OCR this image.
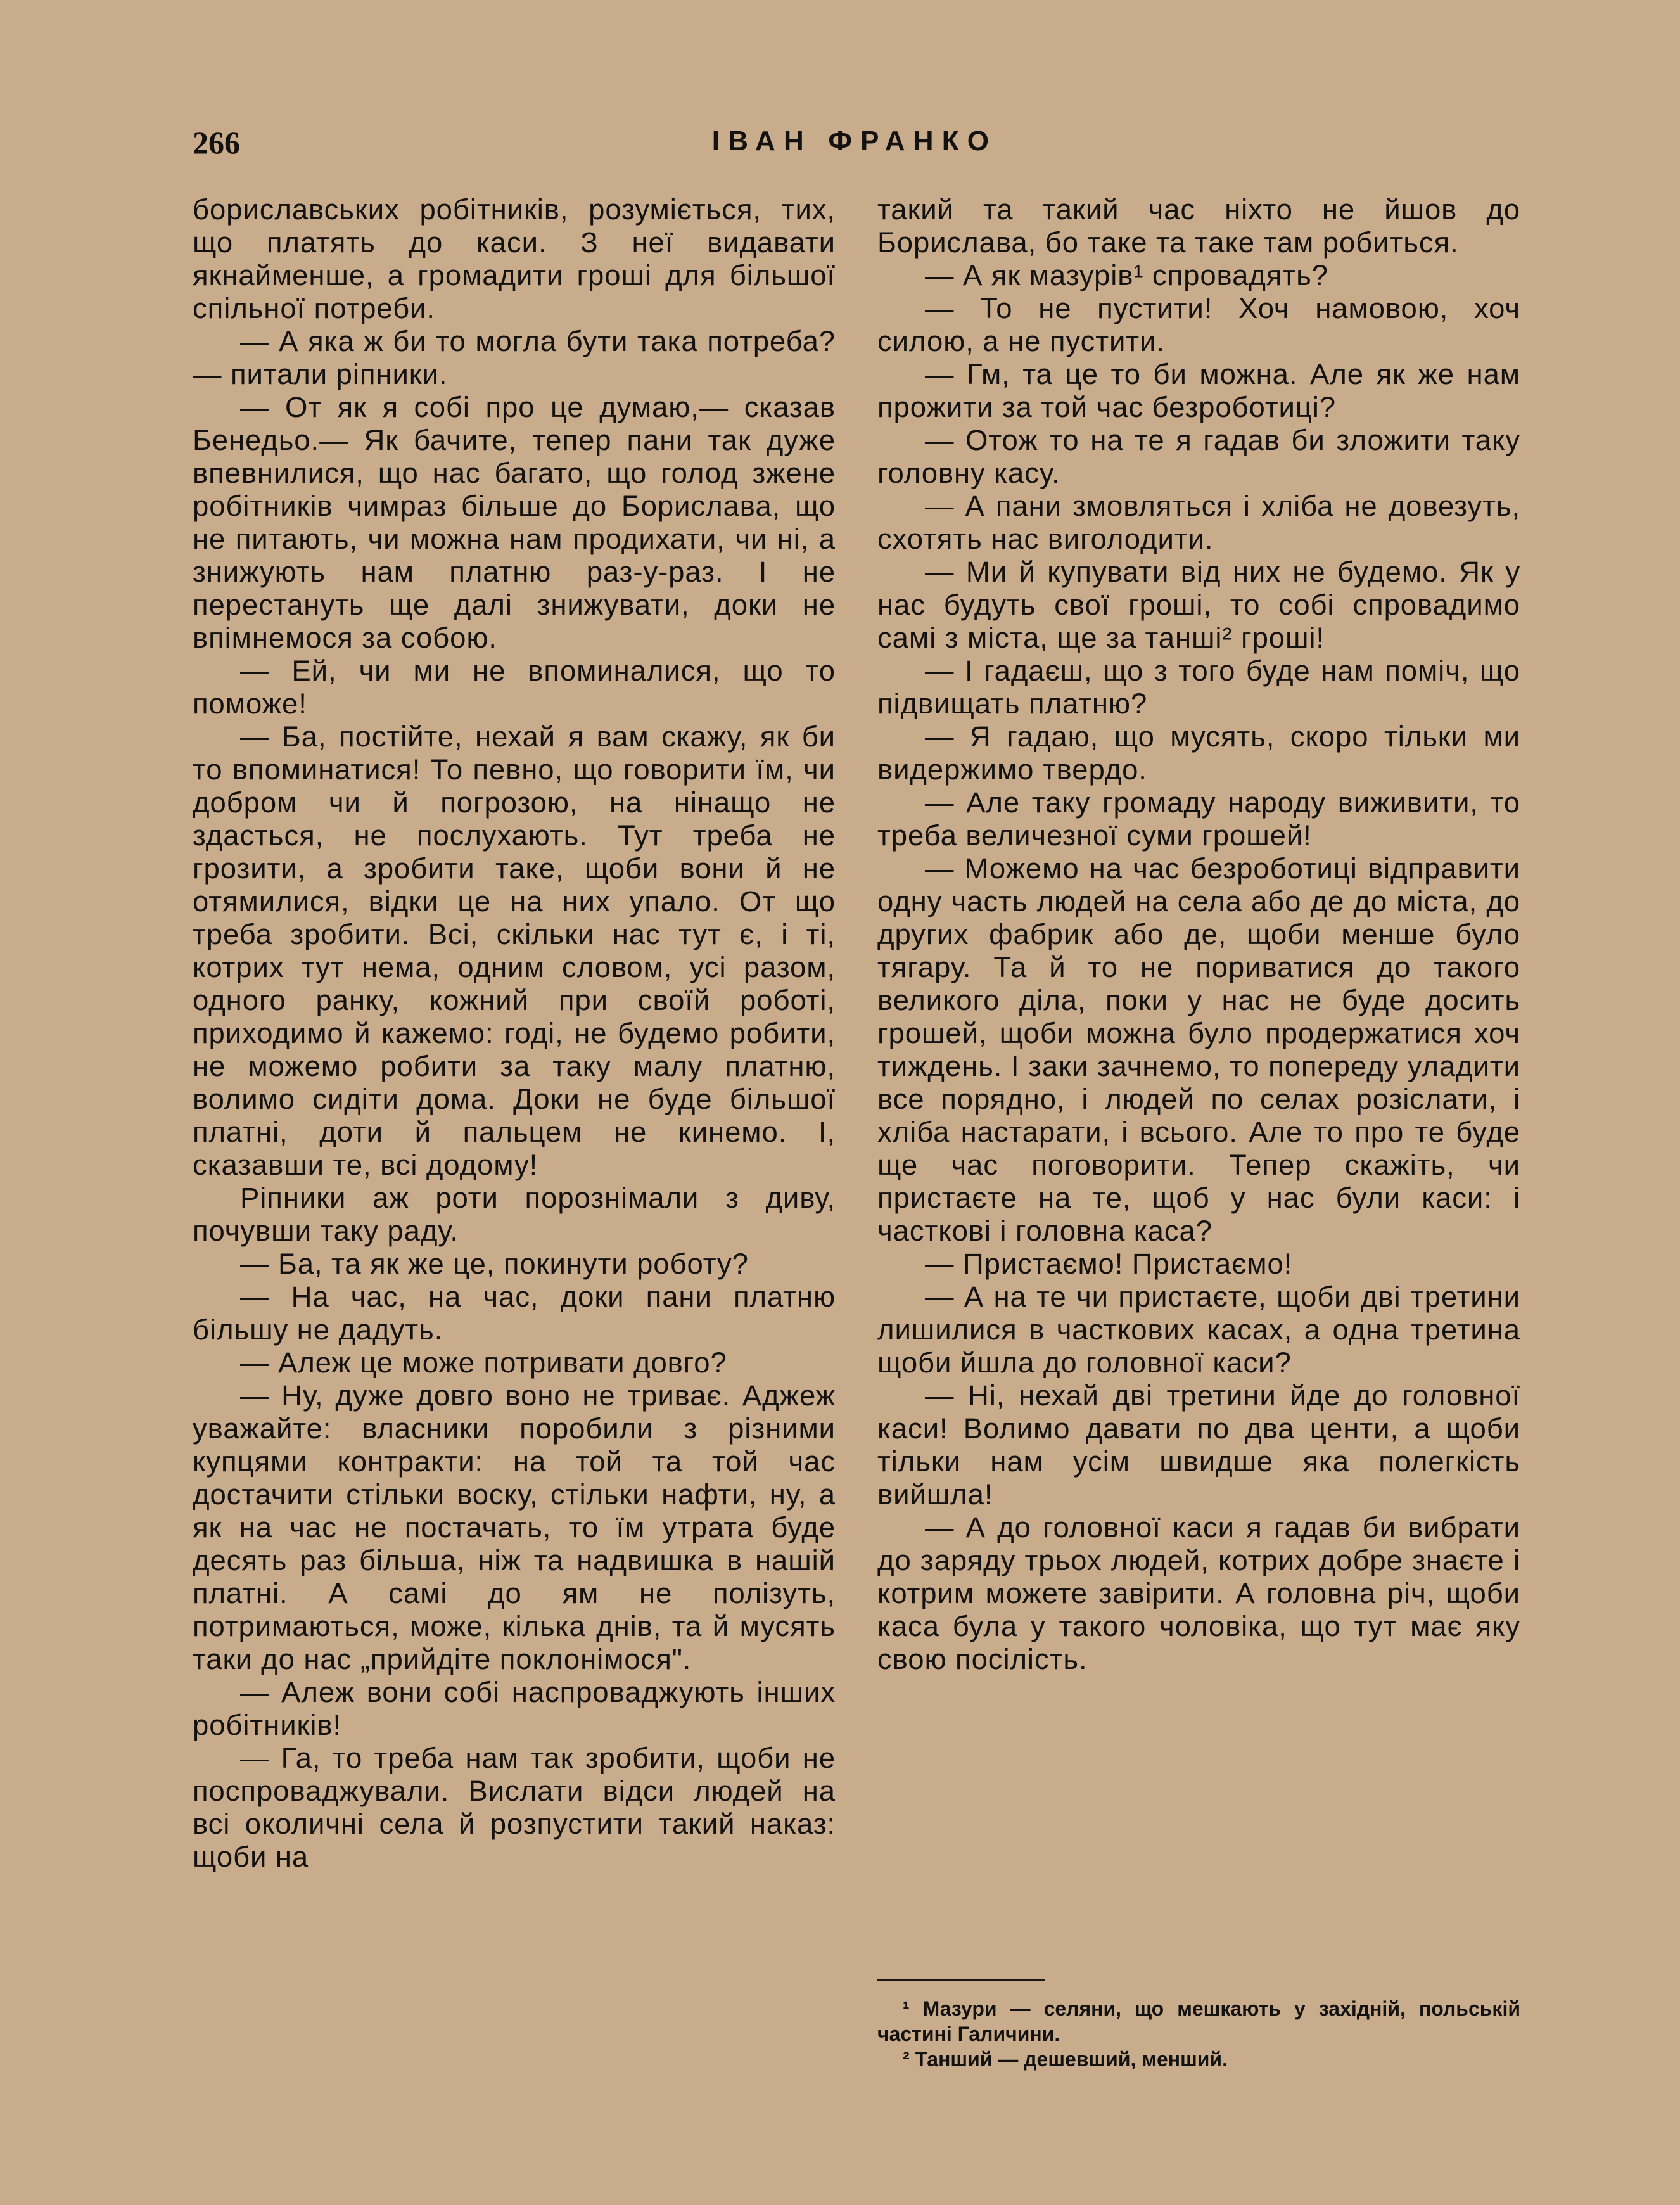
266	ІВАН ФРАНКО

бориславських робітників, розуміється, тих, що платять до каси. З неї видавати якнайменше, а громадити гроші для більшої спільної потреби.

— А яка ж би то могла бути така потреба? — питали ріпники.

— От як я собі про це думаю,— сказав Бенедьо.— Як бачите, тепер пани так дуже впевнилися, що нас багато, що голод зжене робітників чимраз більше до Борислава, що не питають, чи можна нам продихати, чи ні, а знижують нам платню раз-у-раз. І не перестануть ще далі знижувати, доки не впімнемося за собою.

— Ей, чи ми не впоминалися, що то поможе!

— Ба, постійте, нехай я вам скажу, як би то впоминатися! То певно, що говорити їм, чи добром чи й погрозою, на нінащо не здасться, не послухають. Тут треба не грозити, а зробити таке, щоби вони й не отямилися, відки це на них упало. От що треба зробити. Всі, скільки нас тут є, і ті, котрих тут нема, одним словом, усі разом, одного ранку, кожний при своїй роботі, приходимо й кажемо: годі, не будемо робити, не можемо робити за таку малу платню, волимо сидіти дома. Доки не буде більшої платні, доти й пальцем не кинемо. І, сказавши те, всі додому!

Ріпники аж роти порознімали з диву, почувши таку раду.

— Ба, та як же це, покинути роботу?

— На час, на час, доки пани платню більшу не дадуть.

— Алеж це може потривати довго?

— Ну, дуже довго воно не триває. Аджеж уважайте: власники поробили з різними купцями контракти: на той та той час достачити стільки воску, стільки нафти, ну, а як на час не постачать, то їм утрата буде десять раз більша, ніж та надвишка в нашій платні. А самі до ям не полізуть, потримаються, може, кілька днів, та й мусять таки до нас „прийдіте поклонімося".

— Алеж вони собі наспроваджують інших робітників!

— Га, то треба нам так зробити, щоби не поспроваджували. Вислати відси людей на всі околичні села й розпустити такий наказ: щоби на

такий та такий час ніхто не йшов до Борислава, бо таке та таке там робиться.

— А як мазурів¹ спровадять?

— То не пустити! Хоч намовою, хоч силою, а не пустити.

— Гм, та це то би можна. Але як же нам прожити за той час безроботиці?

— Отож то на те я гадав би зложити таку головну касу.

— А пани змовляться і хліба не довезуть, схотять нас виголодити.

— Ми й купувати від них не будемо. Як у нас будуть свої гроші, то собі спровадимо самі з міста, ще за танші² гроші!

— І гадаєш, що з того буде нам поміч, що підвищать платню?

— Я гадаю, що мусять, скоро тільки ми видержимо твердо.

— Але таку громаду народу виживити, то треба величезної суми грошей!

— Можемо на час безроботиці відправити одну часть людей на села або де до міста, до других фабрик або де, щоби менше було тягару. Та й то не пориватися до такого великого діла, поки у нас не буде досить грошей, щоби можна було продержатися хоч тиждень. І заки зачнемо, то попереду уладити все порядно, і людей по селах розіслати, і хліба настарати, і всього. Але то про те буде ще час поговорити. Тепер скажіть, чи пристаєте на те, щоб у нас були каси: і часткові і головна каса?

— Пристаємо! Пристаємо!

— А на те чи пристаєте, щоби дві третини лишилися в часткових касах, а одна третина щоби йшла до головної каси?

— Ні, нехай дві третини йде до головної каси! Волимо давати по два центи, а щоби тільки нам усім швидше яка полегкість вийшла!

— А до головної каси я гадав би вибрати до заряду трьох людей, котрих добре знаєте і котрим можете завірити. А головна річ, щоби каса була у такого чоловіка, що тут має яку свою посілість.

¹ Мазури — селяни, що мешкають у західній, польській частині Галичини.

² Танший — дешевший, менший.
